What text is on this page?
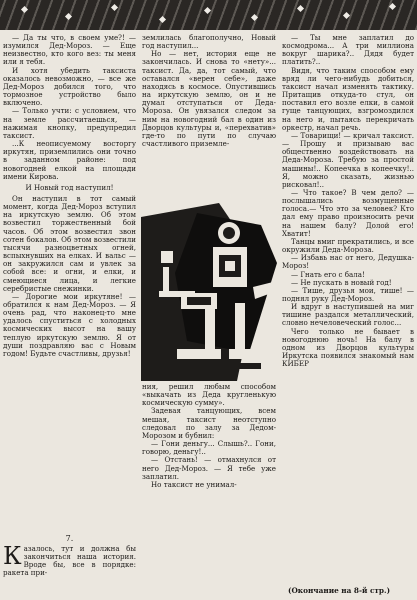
— Да ты что, в своем уме?! — изумился Дед-Мороз. — Еще неизвестно, кто кого вез: ты меня или я тебя.

И хотя убедить таксиста оказалось невозможно, — все же Дед-Мороз добился того, что тормозное устройство было включено.

— Только учти: с условием, что на земле рассчитаешься, — нажимая кнопку, предупредил таксист.

...К неописуемому восторгу иркутян, приземлились они точно в заданном районе: под новогодней елкой на площади имени Кирова.

И Новый год наступил!

Он наступил в тот самый момент, когда Дед-Мороз вступил на иркутскую землю. Об этом возвестил торжественный бой часов. Об этом возвестил звон сотен бокалов. Об этом возвестили тысячи разноцветных огней, вспыхнувших на елках. И вальс — он закружился сам и увлек за собой все: и огни, и елки, и смеющиеся лица, и легкие серебристые снежинки.

— Дорогие мои иркутяне! — обратился к нам Дед-Мороз. — Я очень рад, что наконец-то мне удалось спуститься с холодных космических высот на вашу теплую иркутскую землю. Я от души поздравляю вас с Новым годом! Будьте счастливы, друзья!

7.
К азалось, тут и должна бы закончиться наша история. Вроде бы, все в порядке: ракета при-

землилась благополучно, Новый год наступил...

Но — нет, история еще не закончилась. И снова то «нету»... таксист. Да, да, тот самый, что оставался «верен себе», даже находясь в космосе. Опустившись на иркутскую землю, он и не думал отступаться от Деда-Мороза. Он увязался следом за ним на новогодний бал в один из Дворцов культуры и, «перехватив» где-то по пути по случаю счастливого приземле-

ния, решил любым способом «выкачать из Деда кругленькую космическую сумму».

Задевая танцующих, всем мешая, таксист неотступно следовал по залу за Дедом-Морозом и бубнил:

— Гони деньгу... Слышь?.. Гони, говорю, деньгу!..

— Отстань! — отмахнулся от него Дед-Мороз. — Я тебе уже заплатил.

Но таксист не унимал-

— Ты мне заплатил до космодрома... А три миллиона вокруг шарика?.. Дядя будет платить?..

Видя, что таким способом ему вряд ли чего-нибудь добиться, таксист начал изменять тактику. Притащив откуда-то стул, он поставил его возле елки, в самой гуще танцующих, взгромоздился на него и, пытаясь перекричать оркестр, начал речь.

— Товарищи! — кричал таксист. — Прошу и призываю вас общественно воздействовать на Деда-Мороза. Требую за простой машины!.. Копеечка в копеечку!.. Я, можно сказать, жизнью рисковал!..

— Что такое? В чем дело? — послышались возмущенные голоса.— Что это за человек? Кто дал ему право произносить речи на нашем балу? Долой его! Хватит!

Танцы вмиг прекратились, и все окружили Деда-Мороза.

— Избавь нас от него, Дедушка-Мороз!

— Гнать его с бала!

— Не пускать в новый год!

— Тише, друзья мои, тише! — поднял руку Дед-Мороз.

И вдруг в наступившей на миг тишине раздался металлический, словно нечеловеческий голос...

Чего только не бывает в новогоднюю ночь! На балу в одном из Дворцов культуры Иркутска появился знакомый нам КИБЕР

(Окончание на 8-й стр.)
